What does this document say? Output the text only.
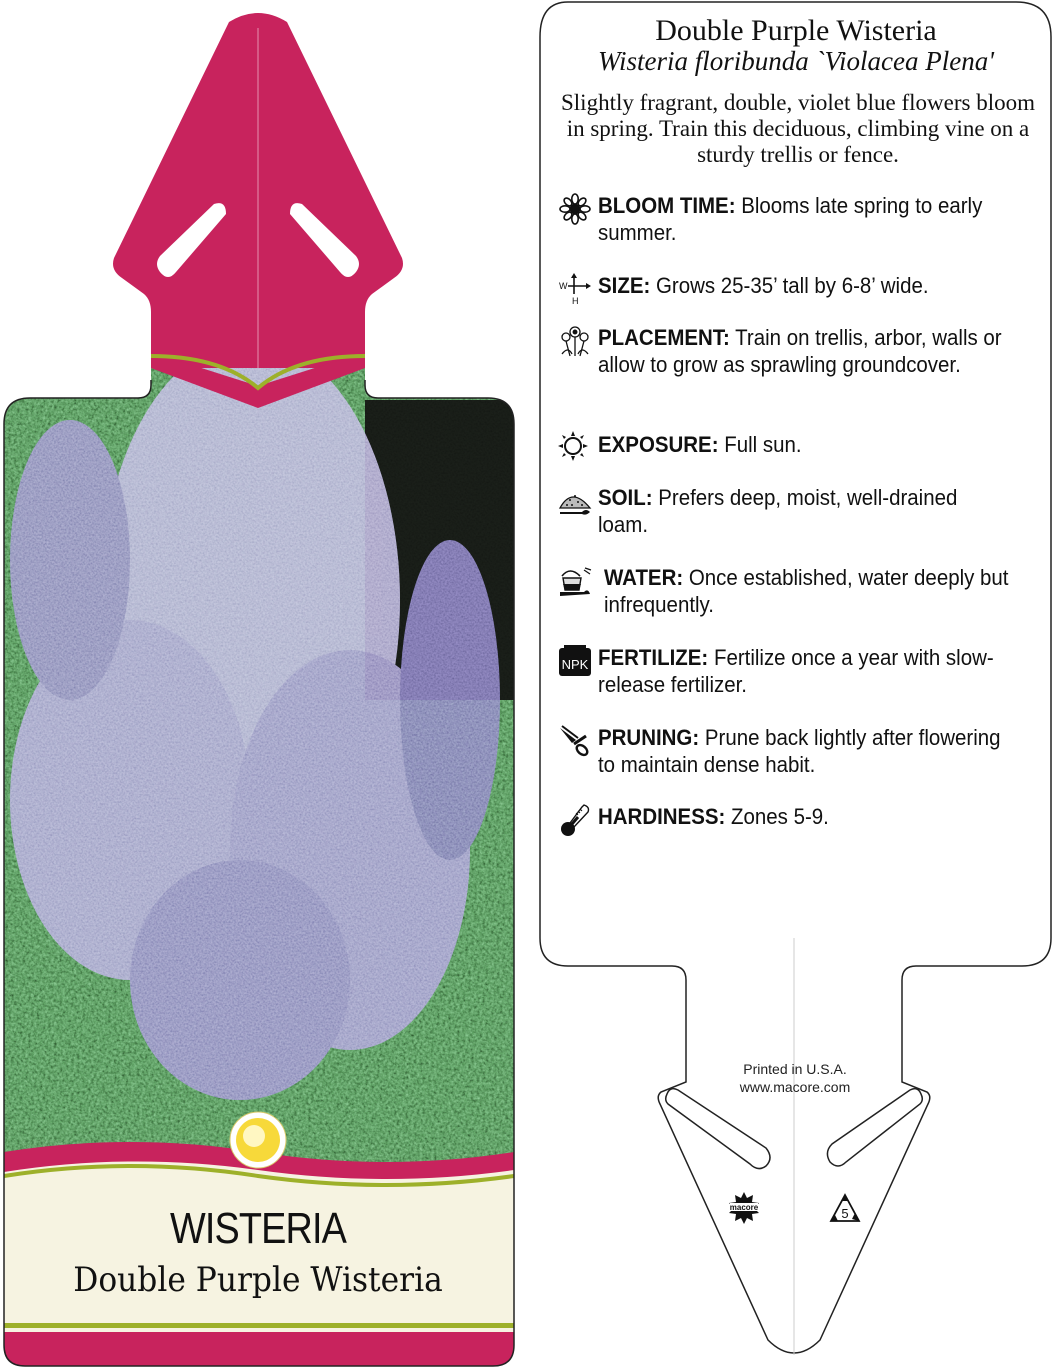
WISTERIA
Double Purple Wisteria
Double Purple Wisteria
Wisteria floribunda `Violacea Plena'
Slightly fragrant, double, violet blue flowers bloom in spring. Train this deciduous, climbing vine on a sturdy trellis or fence.
BLOOM TIME: Blooms late spring to early summer.
W
H
SIZE: Grows 25-35’ tall by 6-8’ wide.
PLACEMENT: Train on trellis, arbor, walls or allow to grow as sprawling groundcover.
EXPOSURE: Full sun.
SOIL: Prefers deep, moist, well-drained loam.
WATER: Once established, water deeply but infrequently.
NPK FERTILIZE: Fertilize once a year with slow-release fertilizer.
PRUNING: Prune back lightly after flowering to maintain dense habit.
HARDINESS: Zones 5-9.
Printed in U.S.A.
www.macore.com
macore	5
